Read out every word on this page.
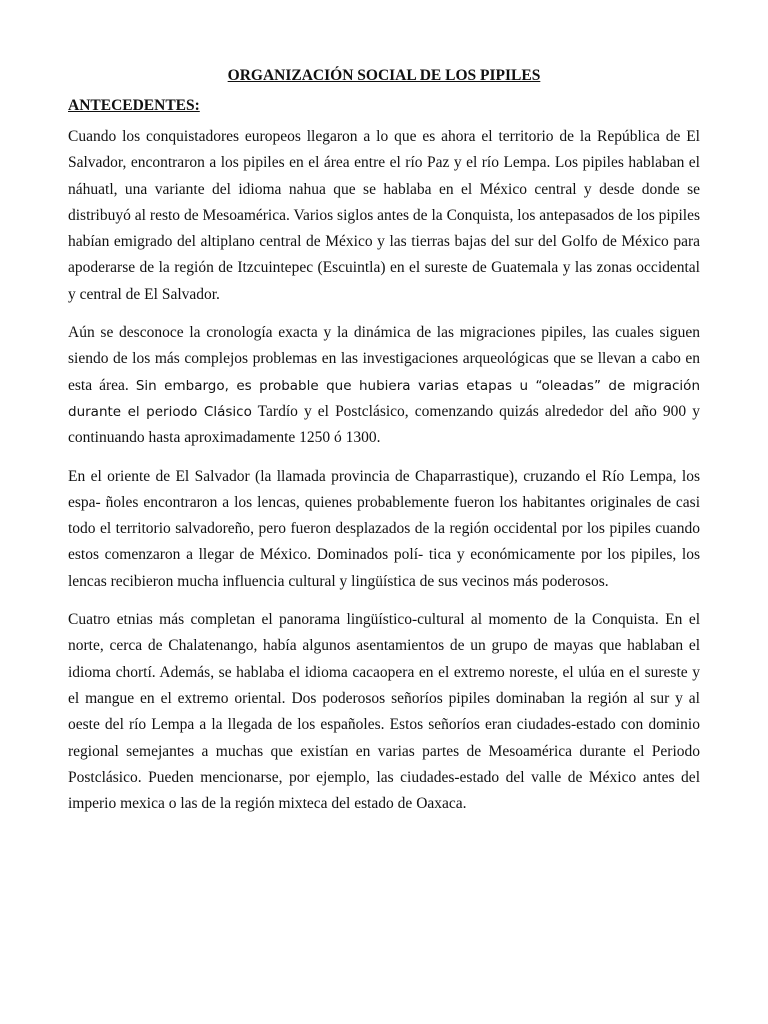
ORGANIZACIÓN SOCIAL DE LOS PIPILES
ANTECEDENTES:

Cuando los conquistadores europeos llegaron a lo que es ahora el territorio de la República de El Salvador, encontraron a los pipiles en el área entre el río Paz y el río Lempa. Los pipiles hablaban el náhuatl, una variante del idioma nahua que se hablaba en el México central y desde donde se distribuyó al resto de Mesoamérica. Varios siglos antes de la Conquista, los antepasados de los pipiles habían emigrado del altiplano central de México y las tierras bajas del sur del Golfo de México para apoderarse de la región de Itzcuintepec (Escuintla) en el sureste de Guatemala y las zonas occidental y central de El Salvador.

Aún se desconoce la cronología exacta y la dinámica de las migraciones pipiles, las cuales siguen siendo de los más complejos problemas en las investigaciones arqueológicas que se llevan a cabo en esta área. Sin embargo, es probable que hubiera varias etapas u “oleadas” de migración durante el periodo Clásico Tardío y el Postclásico, comenzando quizás alrededor del año 900 y continuando hasta aproximadamente 1250 ó 1300.

En el oriente de El Salvador (la llamada provincia de Chaparrastique), cruzando el Río Lempa, los espa- ñoles encontraron a los lencas, quienes probablemente fueron los habitantes originales de casi todo el territorio salvadoreño, pero fueron desplazados de la región occidental por los pipiles cuando estos comenzaron a llegar de México. Dominados polí- tica y económicamente por los pipiles, los lencas recibieron mucha influencia cultural y lingüística de sus vecinos más poderosos.

Cuatro etnias más completan el panorama lingüístico-cultural al momento de la Conquista. En el norte, cerca de Chalatenango, había algunos asentamientos de un grupo de mayas que hablaban el idioma chortí. Además, se hablaba el idioma cacaopera en el extremo noreste, el ulúa en el sureste y el mangue en el extremo oriental. Dos poderosos señoríos pipiles dominaban la región al sur y al oeste del río Lempa a la llegada de los españoles. Estos señoríos eran ciudades-estado con dominio regional semejantes a muchas que existían en varias partes de Mesoamérica durante el Periodo Postclásico. Pueden mencionarse, por ejemplo, las ciudades-estado del valle de México antes del imperio mexica o las de la región mixteca del estado de Oaxaca.
